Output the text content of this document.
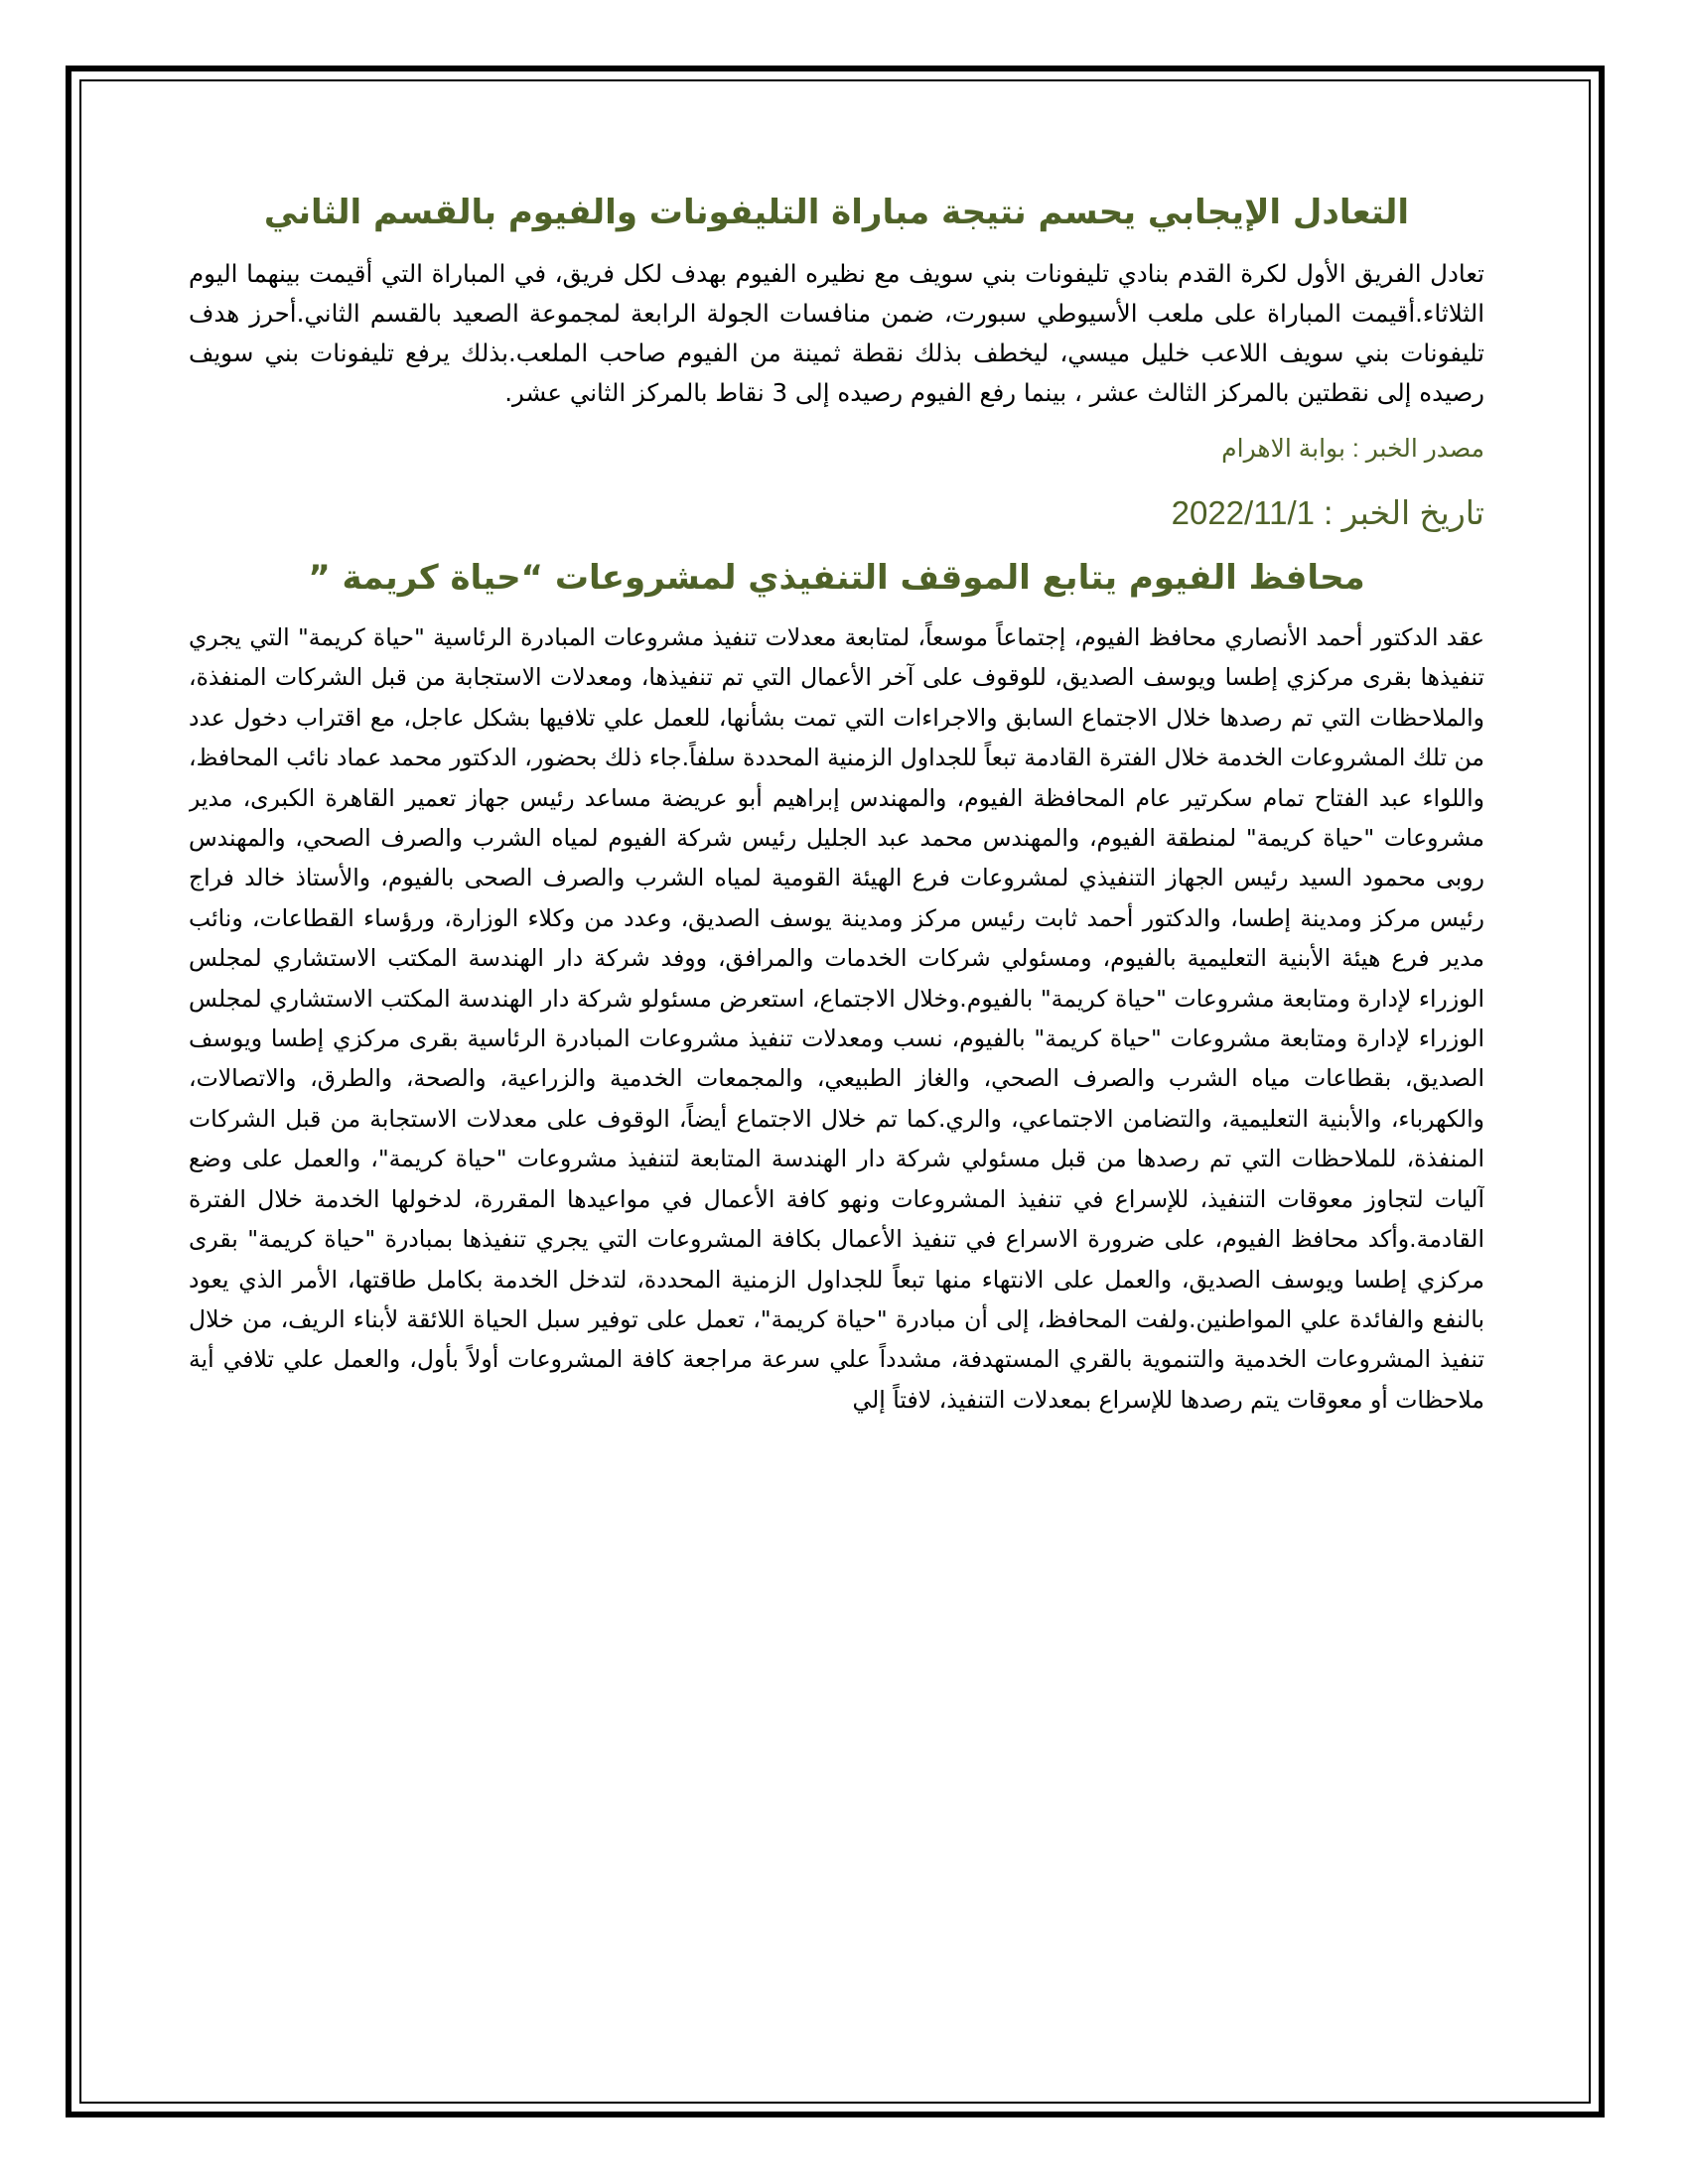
التعادل الإيجابي يحسم نتيجة مباراة التليفونات والفيوم بالقسم الثاني

تعادل الفريق الأول لكرة القدم بنادي تليفونات بني سويف مع نظيره الفيوم بهدف لكل فريق، في المباراة التي أقيمت بينهما اليوم الثلاثاء.أقيمت المباراة على ملعب الأسيوطي سبورت، ضمن منافسات الجولة الرابعة لمجموعة الصعيد بالقسم الثاني.أحرز هدف تليفونات بني سويف اللاعب خليل ميسي، ليخطف بذلك نقطة ثمينة من الفيوم صاحب الملعب.بذلك يرفع تليفونات بني سويف رصيده إلى نقطتين بالمركز الثالث عشر ، بينما رفع الفيوم رصيده إلى 3 نقاط بالمركز الثاني عشر.

مصدر الخبر : بوابة الاهرام

تاريخ الخبر : 2022/11/1

محافظ الفيوم يتابع الموقف التنفيذي لمشروعات “حياة كريمة ”

عقد الدكتور أحمد الأنصاري محافظ الفيوم، إجتماعاً موسعاً، لمتابعة معدلات تنفيذ مشروعات المبادرة الرئاسية "حياة كريمة" التي يجري تنفيذها بقرى مركزي إطسا ويوسف الصديق، للوقوف على آخر الأعمال التي تم تنفيذها، ومعدلات الاستجابة من قبل الشركات المنفذة، والملاحظات التي تم رصدها خلال الاجتماع السابق والاجراءات التي تمت بشأنها، للعمل علي تلافيها بشكل عاجل، مع اقتراب دخول عدد من تلك المشروعات الخدمة خلال الفترة القادمة تبعاً للجداول الزمنية المحددة سلفاً.جاء ذلك بحضور، الدكتور محمد عماد نائب المحافظ، واللواء عبد الفتاح تمام سكرتير عام المحافظة الفيوم، والمهندس إبراهيم أبو عريضة مساعد رئيس جهاز تعمير القاهرة الكبرى، مدير مشروعات "حياة كريمة" لمنطقة الفيوم، والمهندس محمد عبد الجليل رئيس شركة الفيوم لمياه الشرب والصرف الصحي، والمهندس روبى محمود السيد رئيس الجهاز التنفيذي لمشروعات فرع الهيئة القومية لمياه الشرب والصرف الصحى بالفيوم، والأستاذ خالد فراج رئيس مركز ومدينة إطسا، والدكتور أحمد ثابت رئيس مركز ومدينة يوسف الصديق، وعدد من وكلاء الوزارة، ورؤساء القطاعات، ونائب مدير فرع هيئة الأبنية التعليمية بالفيوم، ومسئولي شركات الخدمات والمرافق، ووفد شركة دار الهندسة المكتب الاستشاري لمجلس الوزراء لإدارة ومتابعة مشروعات "حياة كريمة" بالفيوم.وخلال الاجتماع، استعرض مسئولو شركة دار الهندسة المكتب الاستشاري لمجلس الوزراء لإدارة ومتابعة مشروعات "حياة كريمة" بالفيوم، نسب ومعدلات تنفيذ مشروعات المبادرة الرئاسية بقرى مركزي إطسا ويوسف الصديق، بقطاعات مياه الشرب والصرف الصحي، والغاز الطبيعي، والمجمعات الخدمية والزراعية، والصحة، والطرق، والاتصالات، والكهرباء، والأبنية التعليمية، والتضامن الاجتماعي، والري.كما تم خلال الاجتماع أيضاً، الوقوف على معدلات الاستجابة من قبل الشركات المنفذة، للملاحظات التي تم رصدها من قبل مسئولي شركة دار الهندسة المتابعة لتنفيذ مشروعات "حياة كريمة"، والعمل على وضع آليات لتجاوز معوقات التنفيذ، للإسراع في تنفيذ المشروعات ونهو كافة الأعمال في مواعيدها المقررة، لدخولها الخدمة خلال الفترة القادمة.وأكد محافظ الفيوم، على ضرورة الاسراع في تنفيذ الأعمال بكافة المشروعات التي يجري تنفيذها بمبادرة "حياة كريمة" بقرى مركزي إطسا ويوسف الصديق، والعمل على الانتهاء منها تبعاً للجداول الزمنية المحددة، لتدخل الخدمة بكامل طاقتها، الأمر الذي يعود بالنفع والفائدة علي المواطنين.ولفت المحافظ، إلى أن مبادرة "حياة كريمة"، تعمل على توفير سبل الحياة اللائقة لأبناء الريف، من خلال تنفيذ المشروعات الخدمية والتنموية بالقري المستهدفة، مشدداً علي سرعة مراجعة كافة المشروعات أولاً بأول، والعمل علي تلافي أية ملاحظات أو معوقات يتم رصدها للإسراع بمعدلات التنفيذ، لافتاً إلي
